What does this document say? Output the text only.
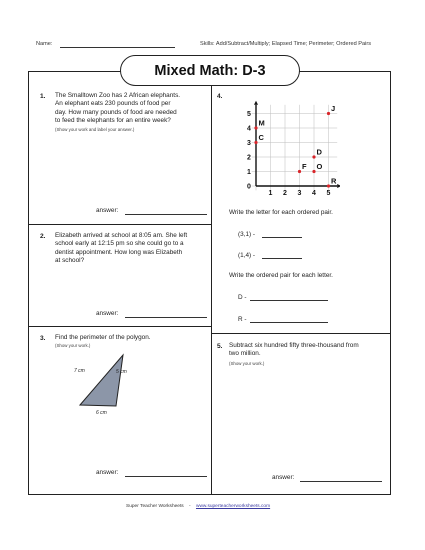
Name:	Skills: Add/Subtract/Multiply; Elapsed Time; Perimeter; Ordered Pairs
Mixed Math: D-3
1. The Smalltown Zoo has 2 African elephants.
An elephant eats 230 pounds of food per
day. How many pounds of food are needed
to feed the elephants for an entire week?
(Show your work and label your answer.)
answer:
2. Elizabeth arrived at school at 8:05 am. She left
school early at 12:15 pm so she could go to a
dentist appointment. How long was Elizabeth
at school?
answer:
3. Find the perimeter of the polygon.
(Show your work.)
7 cm	5 cm
6 cm
answer:
4.
5
4
3
2
1
0
1 2 3 4 5
J
M
C
D
F O
R
Write the letter for each ordered pair.
(3,1) -
(1,4) -
Write the ordered pair for each letter.
D -
R -
5. Subtract six hundred fifty three-thousand from
two million.
(Show your work.)
answer:
Super Teacher Worksheets - www.superteacherworksheets.com
